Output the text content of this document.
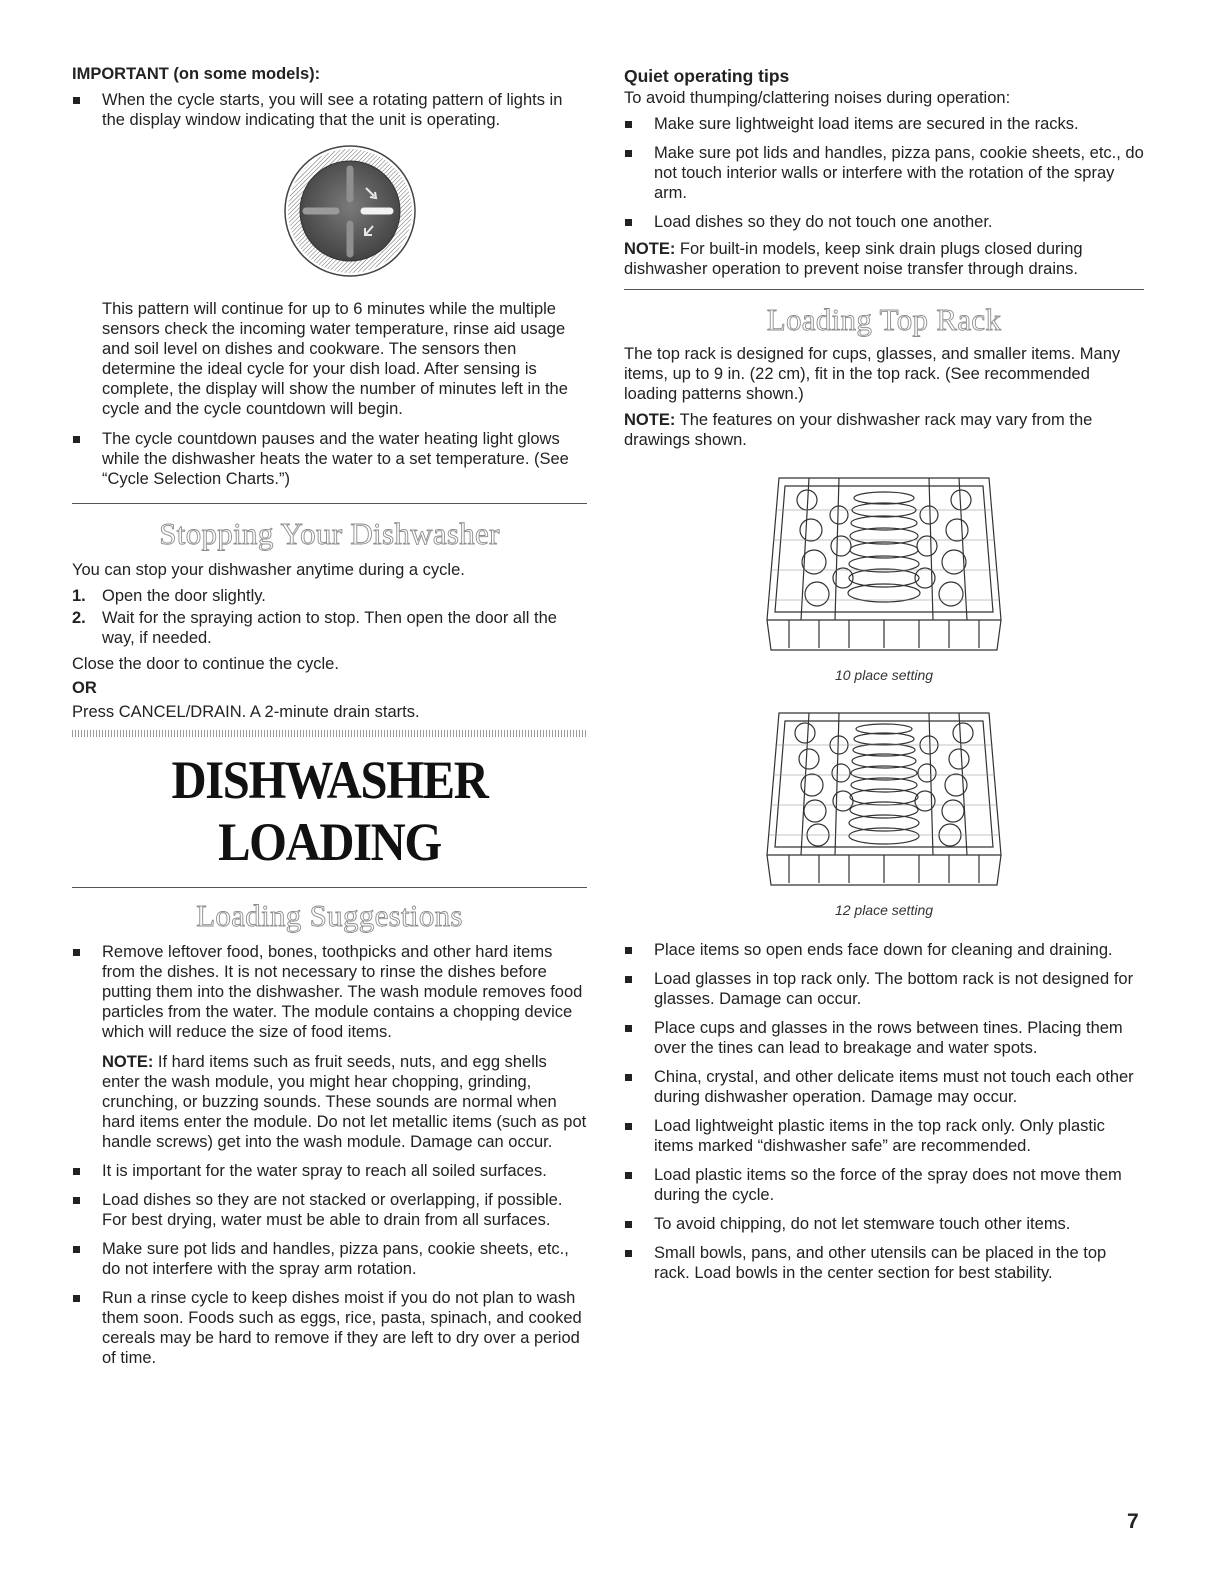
IMPORTANT (on some models):

When the cycle starts, you will see a rotating pattern of lights in the display window indicating that the unit is operating.

This pattern will continue for up to 6 minutes while the multiple sensors check the incoming water temperature, rinse aid usage and soil level on dishes and cookware. The sensors then determine the ideal cycle for your dish load. After sensing is complete, the display will show the number of minutes left in the cycle and the cycle countdown will begin.

The cycle countdown pauses and the water heating light glows while the dishwasher heats the water to a set temperature. (See “Cycle Selection Charts.”)
Stopping Your Dishwasher

You can stop your dishwasher anytime during a cycle.

1. Open the door slightly.
2. Wait for the spraying action to stop. Then open the door all the way, if needed.

Close the door to continue the cycle.

OR

Press CANCEL/DRAIN. A 2-minute drain starts.

DISHWASHER LOADING
Loading Suggestions
Remove leftover food, bones, toothpicks and other hard items from the dishes. It is not necessary to rinse the dishes before putting them into the dishwasher. The wash module removes food particles from the water. The module contains a chopping device which will reduce the size of food items.

NOTE: If hard items such as fruit seeds, nuts, and egg shells enter the wash module, you might hear chopping, grinding, crunching, or buzzing sounds. These sounds are normal when hard items enter the module. Do not let metallic items (such as pot handle screws) get into the wash module. Damage can occur.

It is important for the water spray to reach all soiled surfaces.
Load dishes so they are not stacked or overlapping, if possible. For best drying, water must be able to drain from all surfaces.
Make sure pot lids and handles, pizza pans, cookie sheets, etc., do not interfere with the spray arm rotation.
Run a rinse cycle to keep dishes moist if you do not plan to wash them soon. Foods such as eggs, rice, pasta, spinach, and cooked cereals may be hard to remove if they are left to dry over a period of time.

Quiet operating tips

To avoid thumping/clattering noises during operation:

Make sure lightweight load items are secured in the racks.
Make sure pot lids and handles, pizza pans, cookie sheets, etc., do not touch interior walls or interfere with the rotation of the spray arm.
Load dishes so they do not touch one another.

NOTE: For built-in models, keep sink drain plugs closed during dishwasher operation to prevent noise transfer through drains.

Loading Top Rack

The top rack is designed for cups, glasses, and smaller items. Many items, up to 9 in. (22 cm), fit in the top rack. (See recommended loading patterns shown.)

NOTE: The features on your dishwasher rack may vary from the drawings shown.

10 place setting
12 place setting
Place items so open ends face down for cleaning and draining.
Load glasses in top rack only. The bottom rack is not designed for glasses. Damage can occur.
Place cups and glasses in the rows between tines. Placing them over the tines can lead to breakage and water spots.
China, crystal, and other delicate items must not touch each other during dishwasher operation. Damage may occur.
Load lightweight plastic items in the top rack only. Only plastic items marked “dishwasher safe” are recommended.
Load plastic items so the force of the spray does not move them during the cycle.
To avoid chipping, do not let stemware touch other items.
Small bowls, pans, and other utensils can be placed in the top rack. Load bowls in the center section for best stability.
7
